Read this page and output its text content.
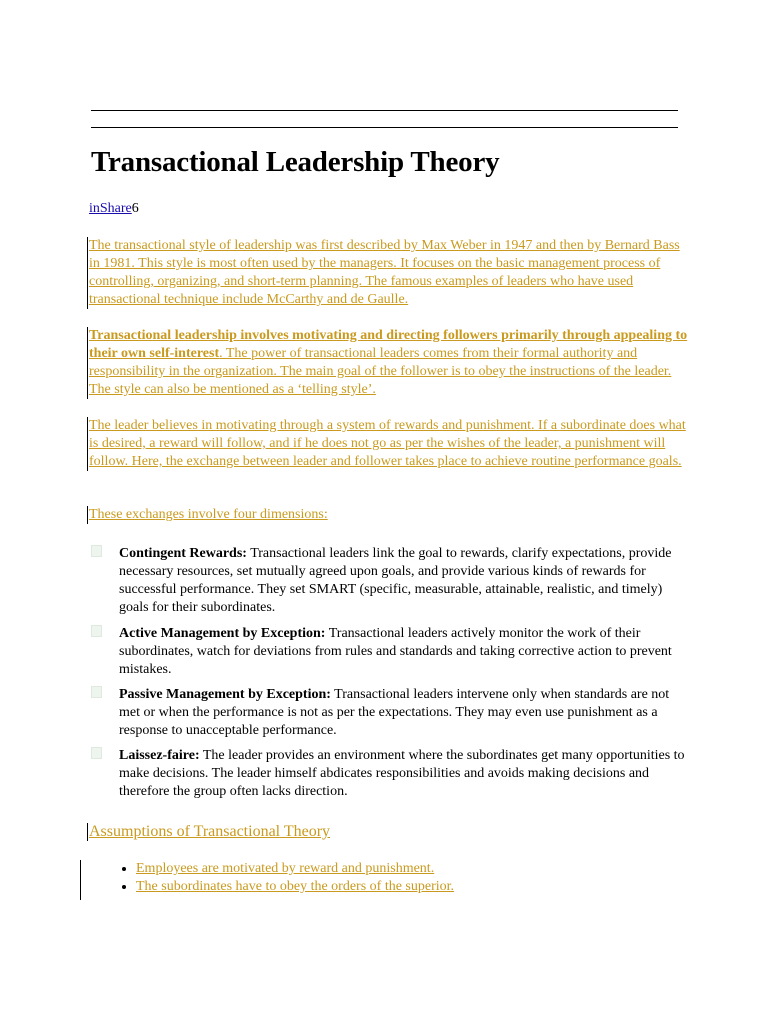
Transactional Leadership Theory
inShare6
The transactional style of leadership was first described by Max Weber in 1947 and then by Bernard Bass in 1981. This style is most often used by the managers. It focuses on the basic management process of controlling, organizing, and short-term planning. The famous examples of leaders who have used transactional technique include McCarthy and de Gaulle.
Transactional leadership involves motivating and directing followers primarily through appealing to their own self-interest. The power of transactional leaders comes from their formal authority and responsibility in the organization. The main goal of the follower is to obey the instructions of the leader. The style can also be mentioned as a ‘telling style’.
The leader believes in motivating through a system of rewards and punishment. If a subordinate does what is desired, a reward will follow, and if he does not go as per the wishes of the leader, a punishment will follow. Here, the exchange between leader and follower takes place to achieve routine performance goals.
These exchanges involve four dimensions:
Contingent Rewards: Transactional leaders link the goal to rewards, clarify expectations, provide necessary resources, set mutually agreed upon goals, and provide various kinds of rewards for successful performance. They set SMART (specific, measurable, attainable, realistic, and timely) goals for their subordinates.
Active Management by Exception: Transactional leaders actively monitor the work of their subordinates, watch for deviations from rules and standards and taking corrective action to prevent mistakes.
Passive Management by Exception: Transactional leaders intervene only when standards are not met or when the performance is not as per the expectations. They may even use punishment as a response to unacceptable performance.
Laissez-faire: The leader provides an environment where the subordinates get many opportunities to make decisions. The leader himself abdicates responsibilities and avoids making decisions and therefore the group often lacks direction.
Assumptions of Transactional Theory
• Employees are motivated by reward and punishment.
• The subordinates have to obey the orders of the superior.
